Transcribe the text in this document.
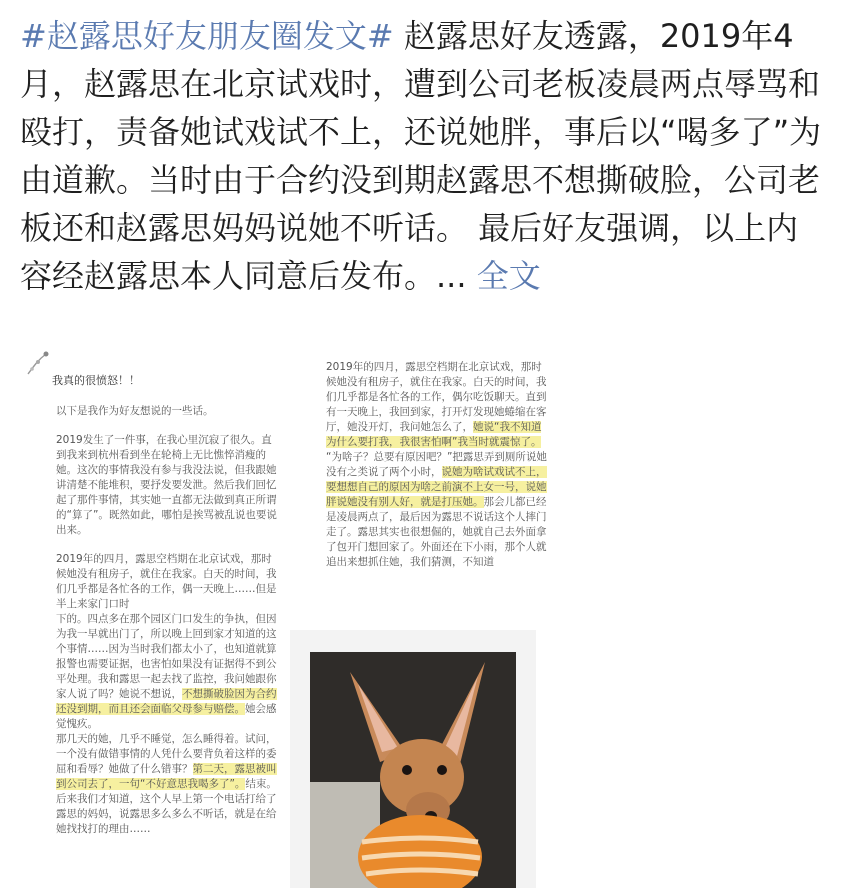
#赵露思好友朋友圈发文# 赵露思好友透露，2019年4月，赵露思在北京试戏时，遭到公司老板凌晨两点辱骂和殴打，责备她试戏试不上，还说她胖，事后以“喝多了”为由道歉。当时由于合约没到期赵露思不想撕破脸，公司老板还和赵露思妈妈说她不听话。 最后好友强调，以上内容经赵露思本人同意后发布。... 全文
我真的很愤怒！！

以下是我作为好友想说的一些话。

2019发生了一件事，在我心里沉寂了很久。直到我来到杭州看到坐在轮椅上无比憔悴消瘦的她。这次的事情我没有参与我没法说，但我跟她讲清楚不能堆积，要抒发要发泄。然后我们回忆起了那件事情，其实她一直都无法做到真正所谓的“算了”。既然如此，哪怕是挨骂被乱说也要说出来。

2019年的四月，露思空档期在北京试戏，那时候她没有租房子，就住在我家。白天的时间，我们几乎都是各忙各的工作，偶一天晚上……但是半上来家门口时

下的。四点多在那个园区门口发生的争执，但因为我一早就出门了，所以晚上回到家才知道的这个事情……因为当时我们都太小了，也知道就算报警也需要证据，也害怕如果没有证据得不到公平处理。我和露思一起去找了监控，我问她跟你家人说了吗？她说不想说，不想撕破脸因为合约还没到期，而且还会面临父母参与赔偿。她会感觉愧疚。

那几天的她，几乎不睡觉，怎么睡得着。试问，一个没有做错事情的人凭什么要背负着这样的委屈和看辱？她做了什么错事？第二天，露思被叫到公司去了，一句“不好意思我喝多了”。结束。

后来我们才知道，这个人早上第一个电话打给了露思的妈妈，说露思多么多么不听话，就是在给她找找打的理由……

2019年的四月，露思空档期在北京试戏，那时候她没有租房子，就住在我家。白天的时间，我们几乎都是各忙各的工作，偶尔吃饭聊天。直到有一天晚上，我回到家，打开灯发现她蜷缩在客厅，她没开灯，我问她怎么了，她说“我不知道为什么要打我，我很害怕啊”我当时就震惊了。

“为啥子？总要有原因吧？”把露思弄到厕所说她没有之类说了两个小时，说她为啥试戏试不上，要想想自己的原因为啥之前演不上女一号，说她胖说她没有别人好，就是打压她。那会儿都已经是凌晨两点了，最后因为露思不说话这个人摔门走了。露思其实也很想倔的，她就自己去外面拿了包开门想回家了。外面还在下小雨，那个人就追出来想抓住她，我们猜测，不知道
